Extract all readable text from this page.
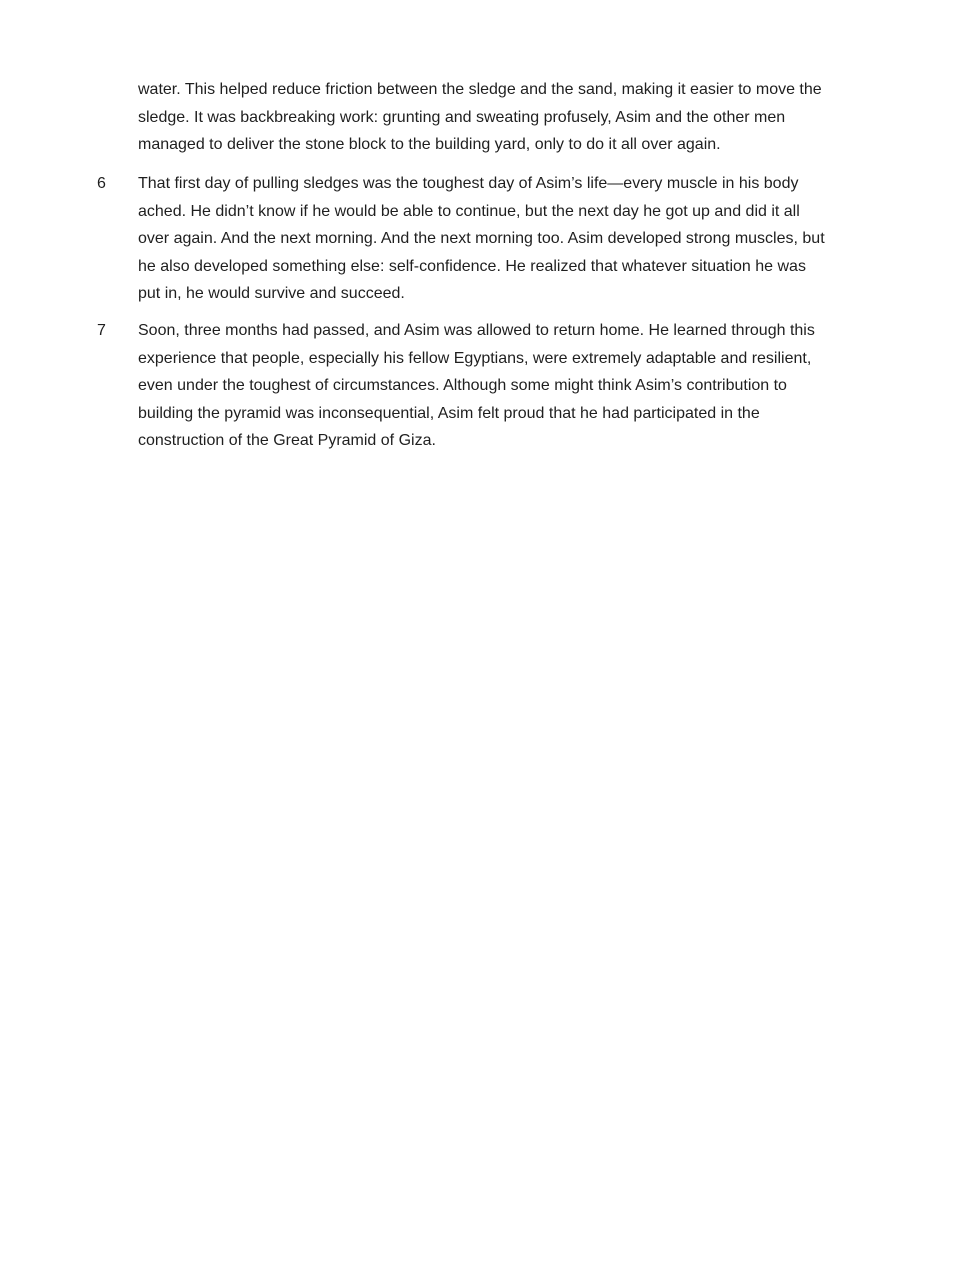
water. This helped reduce friction between the sledge and the sand, making it easier to move the
sledge. It was backbreaking work: grunting and sweating profusely, Asim and the other men
managed to deliver the stone block to the building yard, only to do it all over again.
6 That first day of pulling sledges was the toughest day of Asim’s life—every muscle in his body
ached. He didn’t know if he would be able to continue, but the next day he got up and did it all
over again. And the next morning. And the next morning too. Asim developed strong muscles, but
he also developed something else: self-confidence. He realized that whatever situation he was
put in, he would survive and succeed.
7 Soon, three months had passed, and Asim was allowed to return home. He learned through this
experience that people, especially his fellow Egyptians, were extremely adaptable and resilient,
even under the toughest of circumstances. Although some might think Asim’s contribution to
building the pyramid was inconsequential, Asim felt proud that he had participated in the
construction of the Great Pyramid of Giza.
